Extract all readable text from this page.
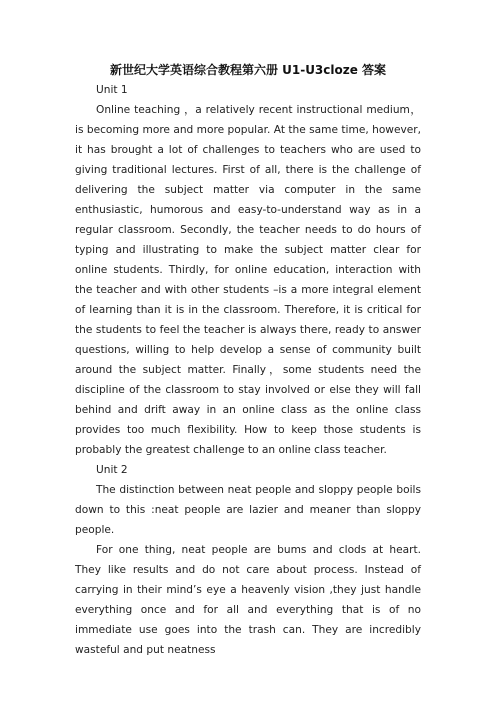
新世纪大学英语综合教程第六册 U1-U3cloze 答案

Unit 1

Online teaching ，a relatively recent instructional medium，is becoming more and more popular. At the same time, however, it has brought a lot of challenges to teachers who are used to giving traditional lectures. First of all, there is the challenge of delivering the subject matter via computer in the same enthusiastic, humorous and easy-to-understand way as in a regular classroom. Secondly, the teacher needs to do hours of typing and illustrating to make the subject matter clear for online students. Thirdly, for online education, interaction with the teacher and with other students –is a more integral element of learning than it is in the classroom. Therefore, it is critical for the students to feel the teacher is always there, ready to answer questions, willing to help develop a sense of community built around the subject matter. Finally，some students need the discipline of the classroom to stay involved or else they will fall behind and drift away in an online class as the online class provides too much flexibility. How to keep those students is probably the greatest challenge to an online class teacher.

Unit 2

The distinction between neat people and sloppy people boils down to this :neat people are lazier and meaner than sloppy people.

For one thing, neat people are bums and clods at heart. They like results and do not care about process. Instead of carrying in their mind’s eye a heavenly vision ,they just handle everything once and for all and everything that is of no immediate use goes into the trash can. They are incredibly wasteful and put neatness
